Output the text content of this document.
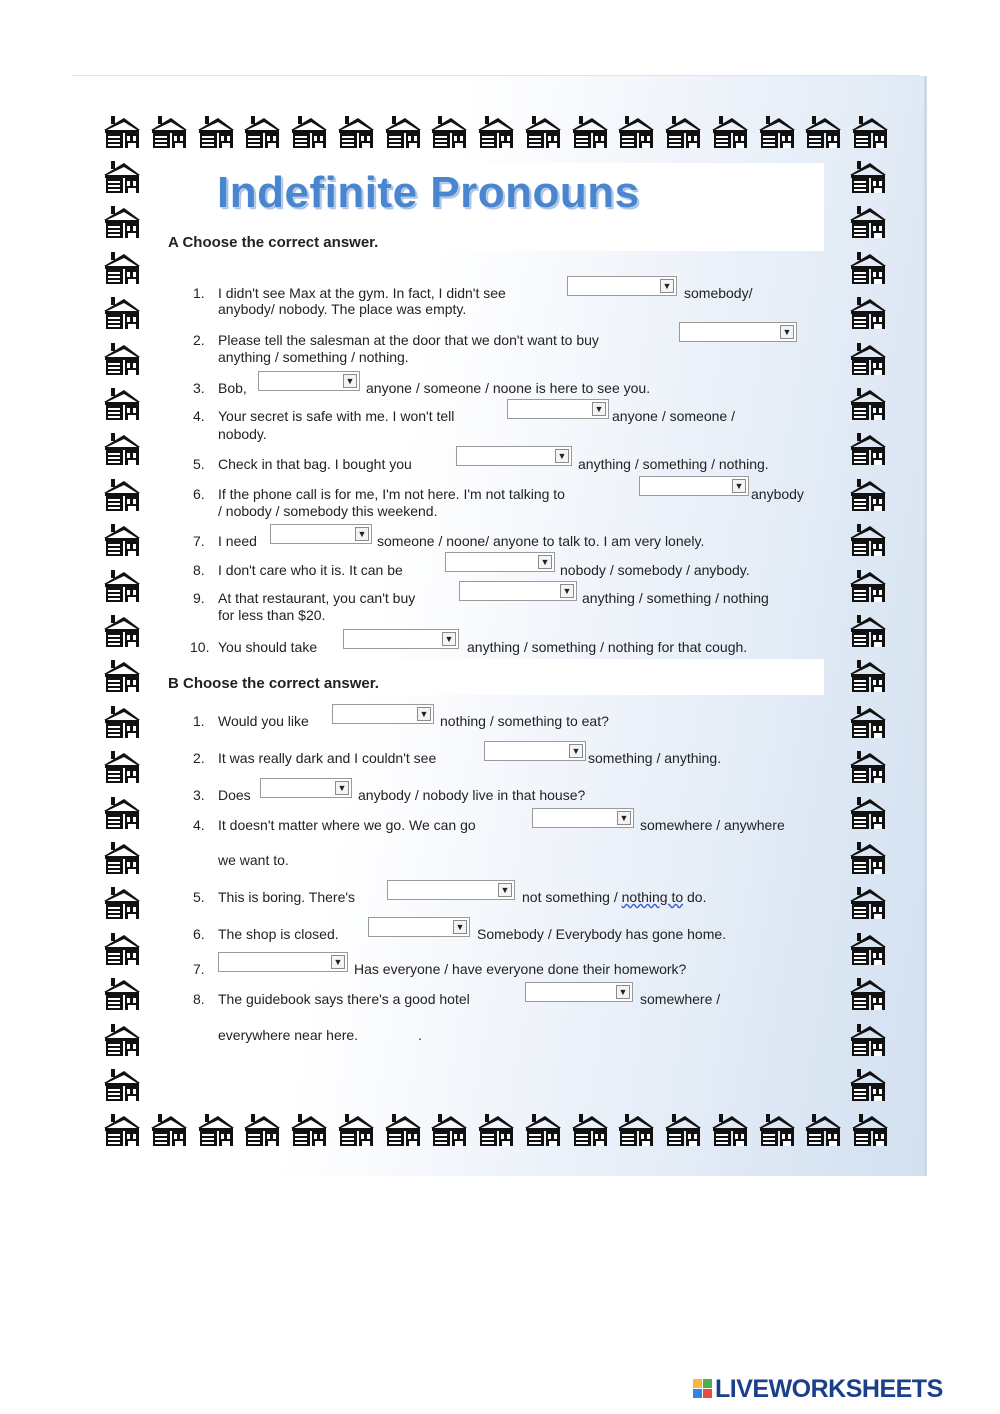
Indefinite Pronouns
A Choose the correct answer.
B Choose the correct answer.
1. I didn't see Max at the gym. In fact, I didn't see	▼ somebody/
anybody/ nobody. The place was empty.
2. Please tell the salesman at the door that we don't want to buy	▼
anything / something / nothing.
3. Bob,	▼ anyone / someone / noone is here to see you.
4. Your secret is safe with me. I won't tell	▼ anyone / someone /
nobody.
5. Check in that bag. I bought you	▼ anything / something / nothing.
6. If the phone call is for me, I'm not here. I'm not talking to	▼ anybody
/ nobody / somebody this weekend.
7. I need	▼ someone / noone/ anyone to talk to. I am very lonely.
8. I don't care who it is. It can be	▼ nobody / somebody / anybody.
9. At that restaurant, you can't buy	▼ anything / something / nothing
for less than $20.
10. You should take	▼ anything / something / nothing for that cough.
1. Would you like	▼ nothing / something to eat?
2. It was really dark and I couldn't see	▼ something / anything.
3. Does	▼ anybody / nobody live in that house?
4. It doesn't matter where we go. We can go	▼ somewhere / anywhere
we want to.
5. This is boring. There's	▼ not something / nothing to do.
6. The shop is closed.	▼ Somebody / Everybody has gone home.
7.	▼ Has everyone / have everyone done their homework?
8. The guidebook says there's a good hotel	▼ somewhere /
everywhere near here.	.
LIVEWORKSHEETS
